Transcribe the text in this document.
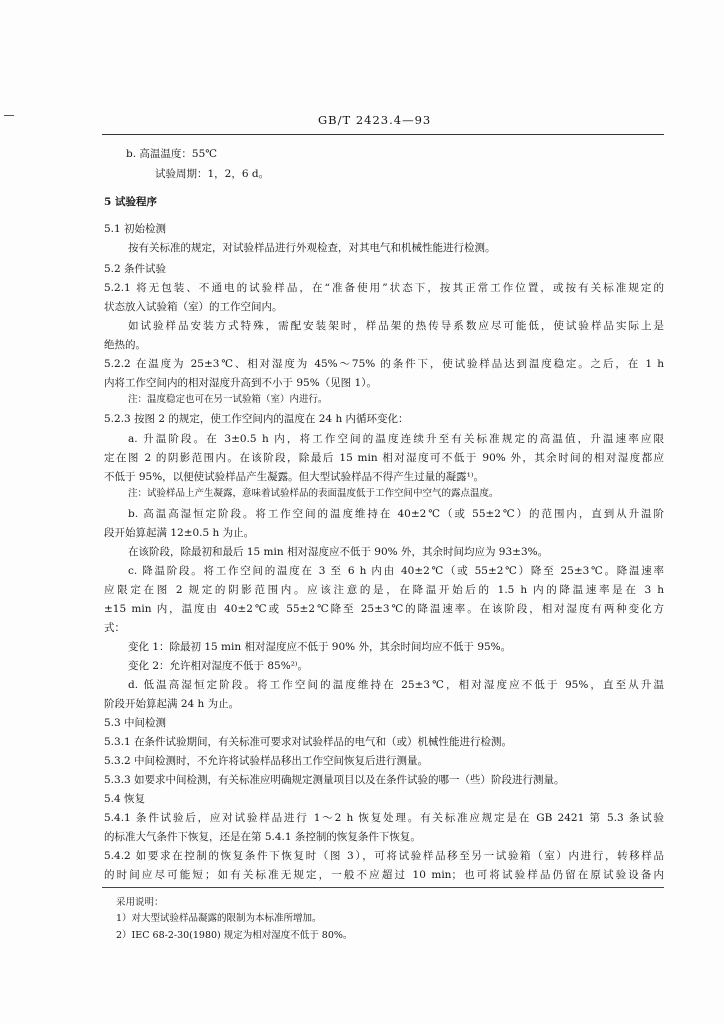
GB/T 2423.4—93
b. 高温温度：55℃
试验周期：1，2，6 d。
5 试验程序
5.1 初始检测
按有关标准的规定，对试验样品进行外观检查，对其电气和机械性能进行检测。
5.2 条件试验
5.2.1 将无包装、不通电的试验样品，在“准备使用”状态下，按其正常工作位置，或按有关标准规定的
状态放入试验箱（室）的工作空间内。
如试验样品安装方式特殊，需配安装架时，样品架的热传导系数应尽可能低，使试验样品实际上是
绝热的。
5.2.2 在温度为 25±3℃、相对湿度为 45%～75% 的条件下，使试验样品达到温度稳定。之后，在 1 h
内将工作空间内的相对湿度升高到不小于 95%（见图 1）。
注：温度稳定也可在另一试验箱（室）内进行。
5.2.3 按图 2 的规定，使工作空间内的温度在 24 h 内循环变化：
a. 升温阶段。在 3±0.5 h 内，将工作空间的温度连续升至有关标准规定的高温值，升温速率应限
定在图 2 的阴影范围内。在该阶段，除最后 15 min 相对湿度可不低于 90% 外，其余时间的相对湿度都应
不低于 95%，以便使试验样品产生凝露。但大型试验样品不得产生过量的凝露¹⁾。
注：试验样品上产生凝露，意味着试验样品的表面温度低于工作空间中空气的露点温度。
b. 高温高湿恒定阶段。将工作空间的温度维持在 40±2℃（或 55±2℃）的范围内，直到从升温阶
段开始算起满 12±0.5 h 为止。
在该阶段，除最初和最后 15 min 相对湿度应不低于 90% 外，其余时间均应为 93±3%。
c. 降温阶段。将工作空间的温度在 3 至 6 h 内由 40±2℃（或 55±2℃）降至 25±3℃。降温速率
应限定在图 2 规定的阴影范围内。应该注意的是，在降温开始后的 1.5 h 内的降温速率是在 3 h
±15 min 内，温度由 40±2℃或 55±2℃降至 25±3℃的降温速率。在该阶段，相对湿度有两种变化方
式：
变化 1：除最初 15 min 相对湿度应不低于 90% 外，其余时间均应不低于 95%。
变化 2：允许相对湿度不低于 85%²⁾。
d. 低温高湿恒定阶段。将工作空间的温度维持在 25±3℃，相对湿度应不低于 95%，直至从升温
阶段开始算起满 24 h 为止。
5.3 中间检测
5.3.1 在条件试验期间，有关标准可要求对试验样品的电气和（或）机械性能进行检测。
5.3.2 中间检测时，不允许将试验样品移出工作空间恢复后进行测量。
5.3.3 如要求中间检测，有关标准应明确规定测量项目以及在条件试验的哪一（些）阶段进行测量。
5.4 恢复
5.4.1 条件试验后，应对试验样品进行 1～2 h 恢复处理。有关标准应规定是在 GB 2421 第 5.3 条试验
的标准大气条件下恢复，还是在第 5.4.1 条控制的恢复条件下恢复。
5.4.2 如要求在控制的恢复条件下恢复时（图 3），可将试验样品移至另一试验箱（室）内进行，转移样品
的时间应尽可能短；如有关标准无规定，一般不应超过 10 min；也可将试验样品仍留在原试验设备内
采用说明：
1）对大型试验样品凝露的限制为本标准所增加。
2）IEC 68-2-30(1980) 规定为相对湿度不低于 80%。
